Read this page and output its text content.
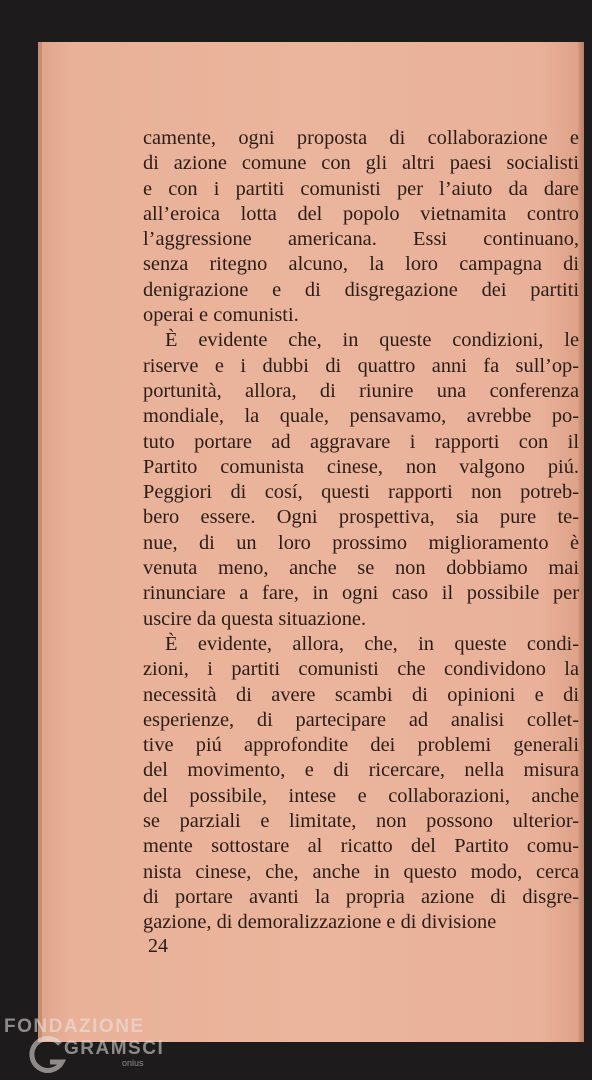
camente, ogni proposta di collaborazione e
di azione comune con gli altri paesi socialisti
e con i partiti comunisti per l’aiuto da dare
all’eroica lotta del popolo vietnamita contro
l’aggressione americana. Essi continuano,
senza ritegno alcuno, la loro campagna di
denigrazione e di disgregazione dei partiti
operai e comunisti.
È evidente che, in queste condizioni, le
riserve e i dubbi di quattro anni fa sull’op-
portunità, allora, di riunire una conferenza
mondiale, la quale, pensavamo, avrebbe po-
tuto portare ad aggravare i rapporti con il
Partito comunista cinese, non valgono piú.
Peggiori di cosí, questi rapporti non potreb-
bero essere. Ogni prospettiva, sia pure te-
nue, di un loro prossimo miglioramento è
venuta meno, anche se non dobbiamo mai
rinunciare a fare, in ogni caso il possibile per
uscire da questa situazione.
È evidente, allora, che, in queste condi-
zioni, i partiti comunisti che condividono la
necessità di avere scambi di opinioni e di
esperienze, di partecipare ad analisi collet-
tive piú approfondite dei problemi generali
del movimento, e di ricercare, nella misura
del possibile, intese e collaborazioni, anche
se parziali e limitate, non possono ulterior-
mente sottostare al ricatto del Partito comu-
nista cinese, che, anche in questo modo, cerca
di portare avanti la propria azione di disgre-
gazione, di demoralizzazione e di divisione
24
FONDAZIONE
GRAMSCI
onlus
